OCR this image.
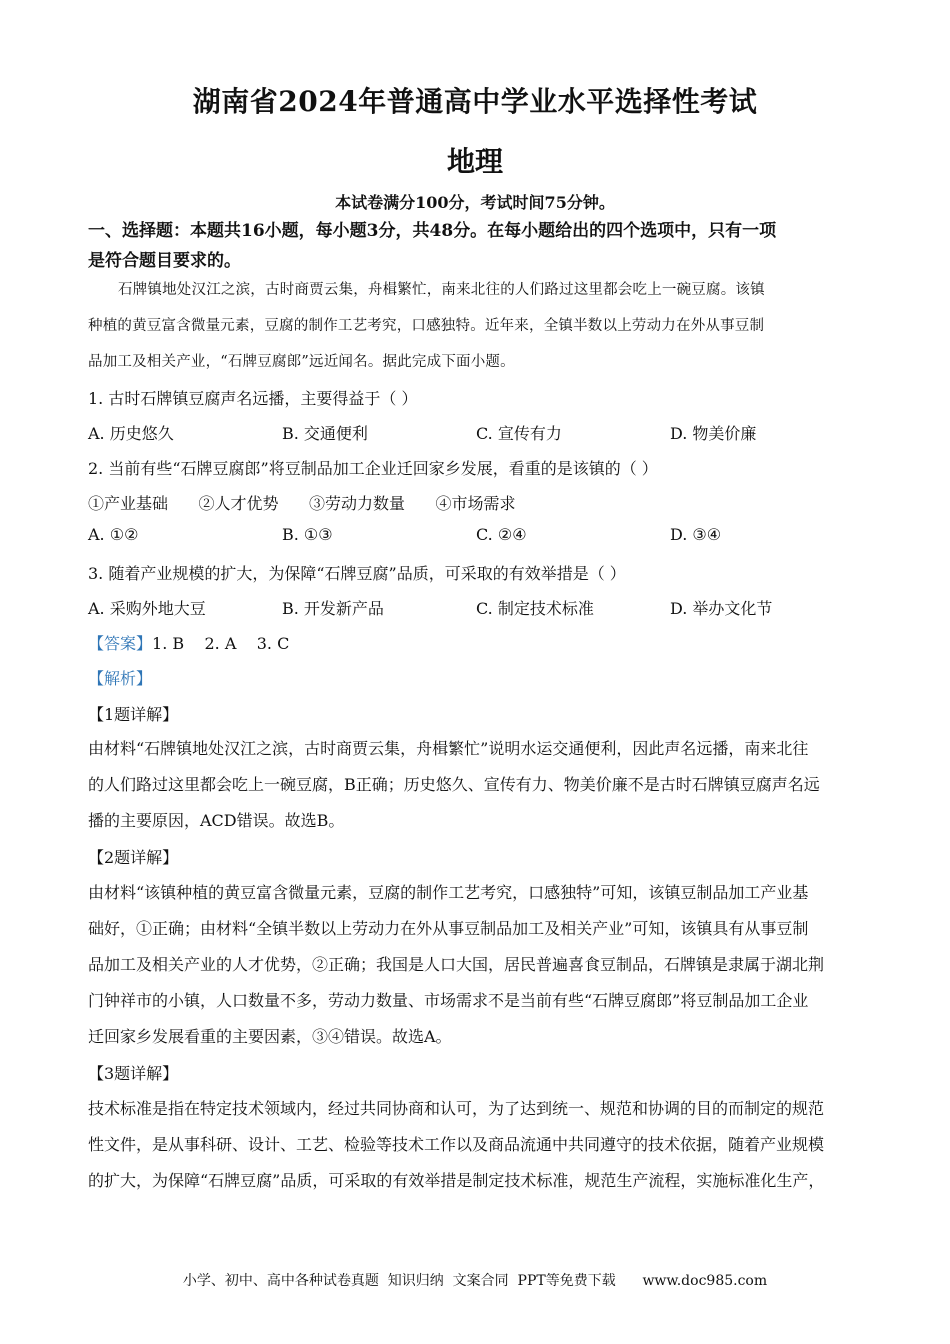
湖南省2024年普通高中学业水平选择性考试
地理
本试卷满分100分，考试时间75分钟。
一、选择题：本题共16小题，每小题3分，共48分。在每小题给出的四个选项中，只有一项
是符合题目要求的。
石牌镇地处汉江之滨，古时商贾云集，舟楫繁忙，南来北往的人们路过这里都会吃上一碗豆腐。该镇
种植的黄豆富含微量元素，豆腐的制作工艺考究，口感独特。近年来，全镇半数以上劳动力在外从事豆制
品加工及相关产业，“石牌豆腐郎”远近闻名。据此完成下面小题。
1. 古时石牌镇豆腐声名远播，主要得益于（ ）
A. 历史悠久	B. 交通便利	C. 宣传有力	D. 物美价廉
2. 当前有些“石牌豆腐郎”将豆制品加工企业迁回家乡发展，看重的是该镇的（ ）
①产业基础      ②人才优势      ③劳动力数量      ④市场需求
A. ①②	B. ①③	C. ②④	D. ③④
3. 随着产业规模的扩大，为保障“石牌豆腐”品质，可采取的有效举措是（ ）
A. 采购外地大豆	B. 开发新产品	C. 制定技术标准	D. 举办文化节
【答案】1. B    2. A    3. C
【解析】
【1题详解】
由材料“石牌镇地处汉江之滨，古时商贾云集，舟楫繁忙”说明水运交通便利，因此声名远播，南来北往
的人们路过这里都会吃上一碗豆腐，B正确；历史悠久、宣传有力、物美价廉不是古时石牌镇豆腐声名远
播的主要原因，ACD错误。故选B。
【2题详解】
由材料“该镇种植的黄豆富含微量元素，豆腐的制作工艺考究，口感独特”可知，该镇豆制品加工产业基
础好，①正确；由材料“全镇半数以上劳动力在外从事豆制品加工及相关产业”可知，该镇具有从事豆制
品加工及相关产业的人才优势，②正确；我国是人口大国，居民普遍喜食豆制品，石牌镇是隶属于湖北荆
门钟祥市的小镇，人口数量不多，劳动力数量、市场需求不是当前有些“石牌豆腐郎”将豆制品加工企业
迁回家乡发展看重的主要因素，③④错误。故选A。
【3题详解】
技术标准是指在特定技术领域内，经过共同协商和认可，为了达到统一、规范和协调的目的而制定的规范
性文件，是从事科研、设计、工艺、检验等技术工作以及商品流通中共同遵守的技术依据，随着产业规模
的扩大，为保障“石牌豆腐”品质，可采取的有效举措是制定技术标准，规范生产流程，实施标准化生产，
小学、初中、高中各种试卷真题  知识归纳  文案合同  PPT等免费下载      www.doc985.com
